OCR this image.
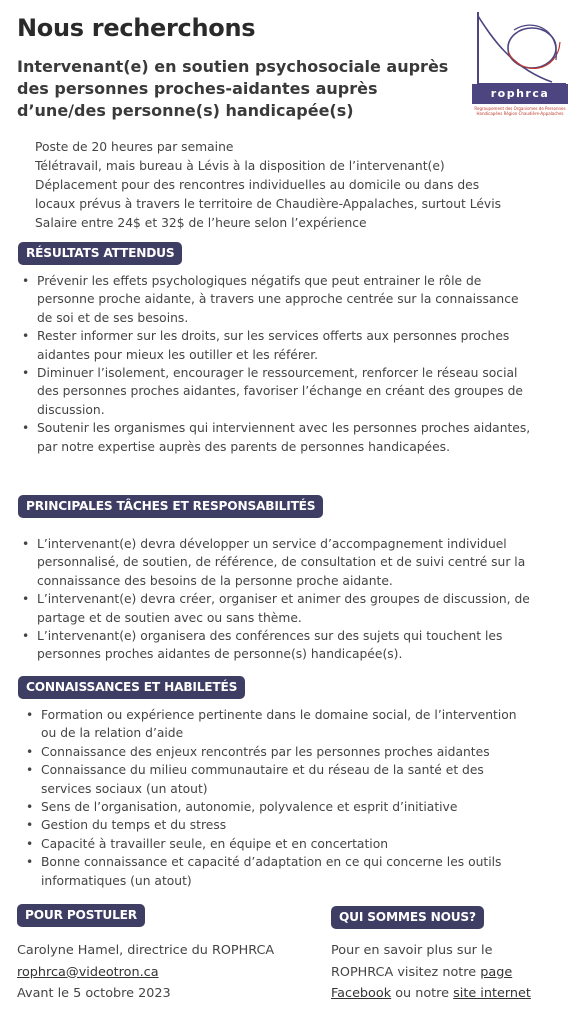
Nous recherchons
Intervenant(e) en soutien psychosociale auprès des personnes proches-aidantes auprès d’une/des personne(s) handicapée(s)
rophrca
Regroupement des Organismes de Personnes Handicapées Région Chaudière-Appalaches
Poste de 20 heures par semaine
Télétravail, mais bureau à Lévis à la disposition de l’intervenant(e)
Déplacement pour des rencontres individuelles au domicile ou dans des
locaux prévus à travers le territoire de Chaudière-Appalaches, surtout Lévis
Salaire entre 24$ et 32$ de l’heure selon l’expérience
RÉSULTATS ATTENDUS
• Prévenir les effets psychologiques négatifs que peut entrainer le rôle de personne proche aidante, à travers une approche centrée sur la connaissance de soi et de ses besoins.
• Rester informer sur les droits, sur les services offerts aux personnes proches aidantes pour mieux les outiller et les référer.
• Diminuer l’isolement, encourager le ressourcement, renforcer le réseau social des personnes proches aidantes, favoriser l’échange en créant des groupes de discussion.
• Soutenir les organismes qui interviennent avec les personnes proches aidantes, par notre expertise auprès des parents de personnes handicapées.
PRINCIPALES TÂCHES ET RESPONSABILITÉS
• L’intervenant(e) devra développer un service d’accompagnement individuel personnalisé, de soutien, de référence, de consultation et de suivi centré sur la connaissance des besoins de la personne proche aidante.
• L’intervenant(e) devra créer, organiser et animer des groupes de discussion, de partage et de soutien avec ou sans thème.
• L’intervenant(e) organisera des conférences sur des sujets qui touchent les personnes proches aidantes de personne(s) handicapée(s).
CONNAISSANCES ET HABILETÉS
• Formation ou expérience pertinente dans le domaine social, de l’intervention ou de la relation d’aide
• Connaissance des enjeux rencontrés par les personnes proches aidantes
• Connaissance du milieu communautaire et du réseau de la santé et des services sociaux (un atout)
• Sens de l’organisation, autonomie, polyvalence et esprit d’initiative
• Gestion du temps et du stress
• Capacité à travailler seule, en équipe et en concertation
• Bonne connaissance et capacité d’adaptation en ce qui concerne les outils informatiques (un atout)
POUR POSTULER
Carolyne Hamel, directrice du ROPHRCA
rophrca@videotron.ca
Avant le 5 octobre 2023
QUI SOMMES NOUS?
Pour en savoir plus sur le
ROPHRCA visitez notre page
Facebook ou notre site internet
